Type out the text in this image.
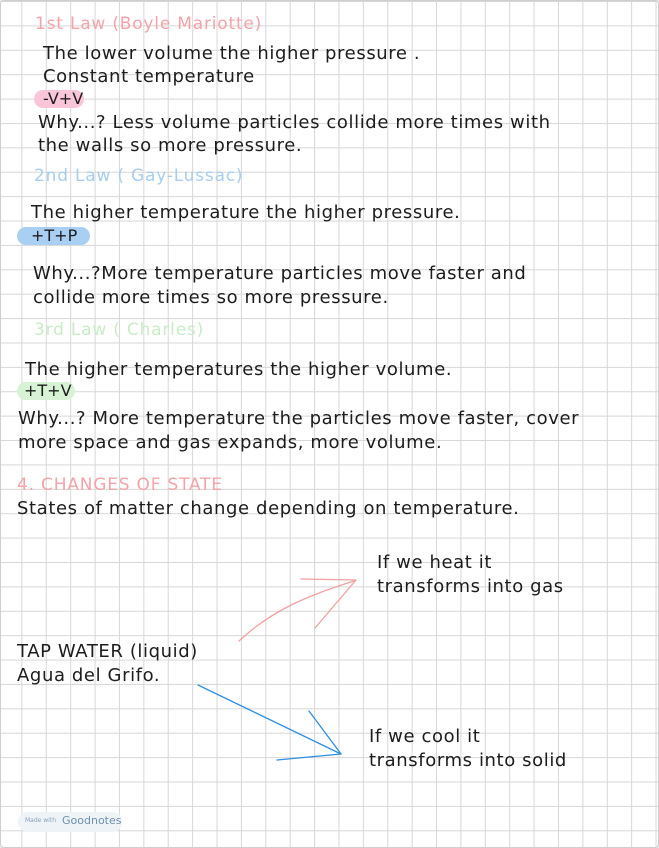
1st Law (Boyle Mariotte)
The lower volume the higher pressure .
Constant temperature
-V+V
Why...? Less volume particles collide more times with
the walls so more pressure.
2nd Law ( Gay-Lussac)
The higher temperature the higher pressure.
+T+P
Why...?More temperature particles move faster and
collide more times so more pressure.
3rd Law ( Charles)
The higher temperatures the higher volume.
+T+V
Why...? More temperature the particles move faster, cover
more space and gas expands, more volume.
4. CHANGES OF STATE
States of matter change depending on temperature.
If we heat it
transforms into gas
TAP WATER (liquid)
Agua del Grifo.
If we cool it
transforms into solid
Made with Goodnotes
